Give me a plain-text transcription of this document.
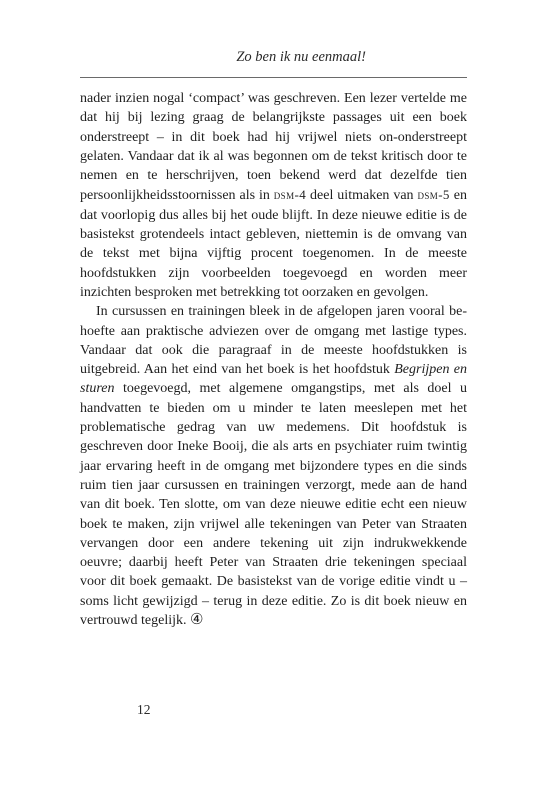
Zo ben ik nu eenmaal!

nader inzien nogal ‘compact’ was geschreven. Een lezer vertelde me dat hij bij lezing graag de belangrijkste passages uit een boek onderstreept – in dit boek had hij vrijwel niets on-onderstreept gelaten. Vandaar dat ik al was begonnen om de tekst kritisch door te nemen en te herschrijven, toen bekend werd dat dezelfde tien persoonlijkheidsstoornissen als in dsm-4 deel uitmaken van dsm-5 en dat voorlopig dus alles bij het oude blijft. In deze nieuwe editie is de basistekst grotendeels intact gebleven, niettemin is de omvang van de tekst met bijna vijftig procent toegenomen. In de meeste hoofdstukken zijn voorbeelden toegevoegd en worden meer inzichten besproken met betrekking tot oorzaken en gevolgen.

In cursussen en trainingen bleek in de afgelopen jaren vooral behoefte aan praktische adviezen over de omgang met lastige types. Vandaar dat ook die paragraaf in de meeste hoofdstukken is uitgebreid. Aan het eind van het boek is het hoofdstuk Begrijpen en sturen toegevoegd, met algemene omgangstips, met als doel u handvatten te bieden om u minder te laten meeslepen met het problematische gedrag van uw medemens. Dit hoofdstuk is geschreven door Ineke Booij, die als arts en psychiater ruim twintig jaar ervaring heeft in de omgang met bijzondere types en die sinds ruim tien jaar cursussen en trainingen verzorgt, mede aan de hand van dit boek. Ten slotte, om van deze nieuwe editie echt een nieuw boek te maken, zijn vrijwel alle tekeningen van Peter van Straaten vervangen door een andere tekening uit zijn indrukwekkende oeuvre; daarbij heeft Peter van Straaten drie tekeningen speciaal voor dit boek gemaakt. De basistekst van de vorige editie vindt u – soms licht gewijzigd – terug in deze editie. Zo is dit boek nieuw en vertrouwd tegelijk. ④

12
